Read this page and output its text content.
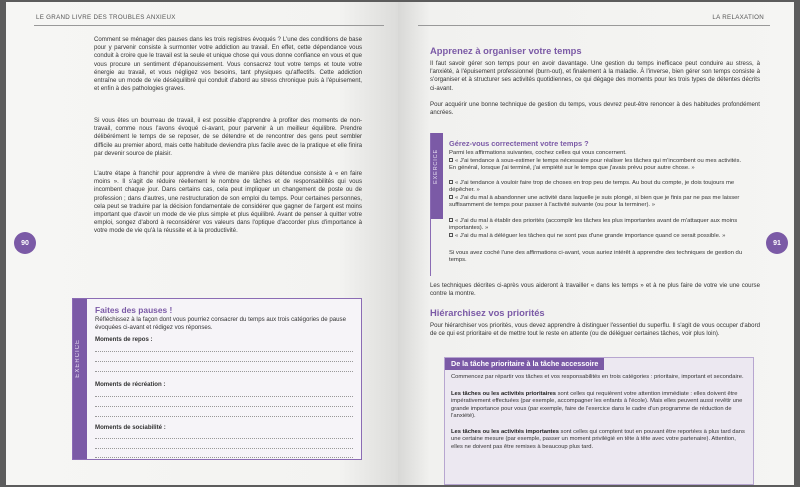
LE GRAND LIVRE DES TROUBLES ANXIEUX
90

Comment se ménager des pauses dans les trois registres évoqués ? L'une des conditions de base pour y parvenir consiste à surmonter votre addiction au travail. En effet, cette dépendance vous conduit à croire que le travail est la seule et unique chose qui vous donne confiance en vous et que vous procure un sentiment d'épanouissement. Vous consacrez tout votre temps et toute votre énergie au travail, et vous négligez vos besoins, tant physiques qu'affectifs. Cette addiction entraîne un mode de vie déséquilibré qui conduit d'abord au stress chronique puis à l'épuisement, et enfin à des pathologies graves.

Si vous êtes un bourreau de travail, il est possible d'apprendre à profiter des moments de non-travail, comme nous l'avons évoqué ci-avant, pour parvenir à un meilleur équilibre. Prendre délibérément le temps de se reposer, de se détendre et de rencontrer des gens peut sembler difficile au premier abord, mais cette habitude deviendra plus facile avec de la pratique et elle finira par devenir source de plaisir.

L'autre étape à franchir pour apprendre à vivre de manière plus détendue consiste à « en faire moins ». Il s'agit de réduire réellement le nombre de tâches et de responsabilités qui vous incombent chaque jour. Dans certains cas, cela peut impliquer un changement de poste ou de profession ; dans d'autres, une restructuration de son emploi du temps. Pour certaines personnes, cela peut se traduire par la décision fondamentale de considérer que gagner de l'argent est moins important que d'avoir un mode de vie plus simple et plus équilibré. Avant de penser à quitter votre emploi, songez d'abord à reconsidérer vos valeurs dans l'optique d'accorder plus d'importance à votre mode de vie qu'à la réussite et à la productivité.

EXERCICE
Faites des pauses !
Réfléchissez à la façon dont vous pourriez consacrer du temps aux trois catégories de pause évoquées ci-avant et rédigez vos réponses.
Moments de repos :
Moments de récréation :
Moments de sociabilité :
LA RELAXATION
91
Apprenez à organiser votre temps

Il faut savoir gérer son temps pour en avoir davantage. Une gestion du temps inefficace peut conduire au stress, à l'anxiété, à l'épuisement professionnel (burn-out), et finalement à la maladie. À l'inverse, bien gérer son temps consiste à s'organiser et à structurer ses activités quotidiennes, ce qui dégage des moments pour les trois types de détentes décrits ci-avant.

Pour acquérir une bonne technique de gestion du temps, vous devrez peut-être renoncer à des habitudes profondément ancrées.

EXERCICE
Gérez-vous correctement votre temps ?
Parmi les affirmations suivantes, cochez celles qui vous concernent.
« J'ai tendance à sous-estimer le temps nécessaire pour réaliser les tâches qui m'incombent ou mes activités. En général, lorsque j'ai terminé, j'ai empiété sur le temps que j'avais prévu pour autre chose. »
« J'ai tendance à vouloir faire trop de choses en trop peu de temps. Au bout du compte, je dois toujours me dépêcher. »
« J'ai du mal à abandonner une activité dans laquelle je suis plongé, si bien que je finis par ne pas me laisser suffisamment de temps pour passer à l'activité suivante (ou pour la terminer). »
« J'ai du mal à établir des priorités (accomplir les tâches les plus importantes avant de m'attaquer aux moins importantes). »
« J'ai du mal à déléguer les tâches qui ne sont pas d'une grande importance quand ce serait possible. »
Si vous avez coché l'une des affirmations ci-avant, vous auriez intérêt à apprendre des techniques de gestion du temps.

Les techniques décrites ci-après vous aideront à travailler « dans les temps » et à ne plus faire de votre vie une course contre la montre.

Hiérarchisez vos priorités

Pour hiérarchiser vos priorités, vous devez apprendre à distinguer l'essentiel du superflu. Il s'agit de vous occuper d'abord de ce qui est prioritaire et de mettre tout le reste en attente (ou de déléguer certaines tâches, voir plus loin).

De la tâche prioritaire à la tâche accessoire
Commencez par répartir vos tâches et vos responsabilités en trois catégories : prioritaire, important et secondaire.
Les tâches ou les activités prioritaires sont celles qui requièrent votre attention immédiate : elles doivent être impérativement effectuées (par exemple, accompagner les enfants à l'école). Mais elles peuvent aussi revêtir une grande importance pour vous (par exemple, faire de l'exercice dans le cadre d'un programme de réduction de l'anxiété).
Les tâches ou les activités importantes sont celles qui comptent tout en pouvant être reportées à plus tard dans une certaine mesure (par exemple, passer un moment privilégié en tête à tête avec votre partenaire). Attention, elles ne doivent pas être remises à beaucoup plus tard.
